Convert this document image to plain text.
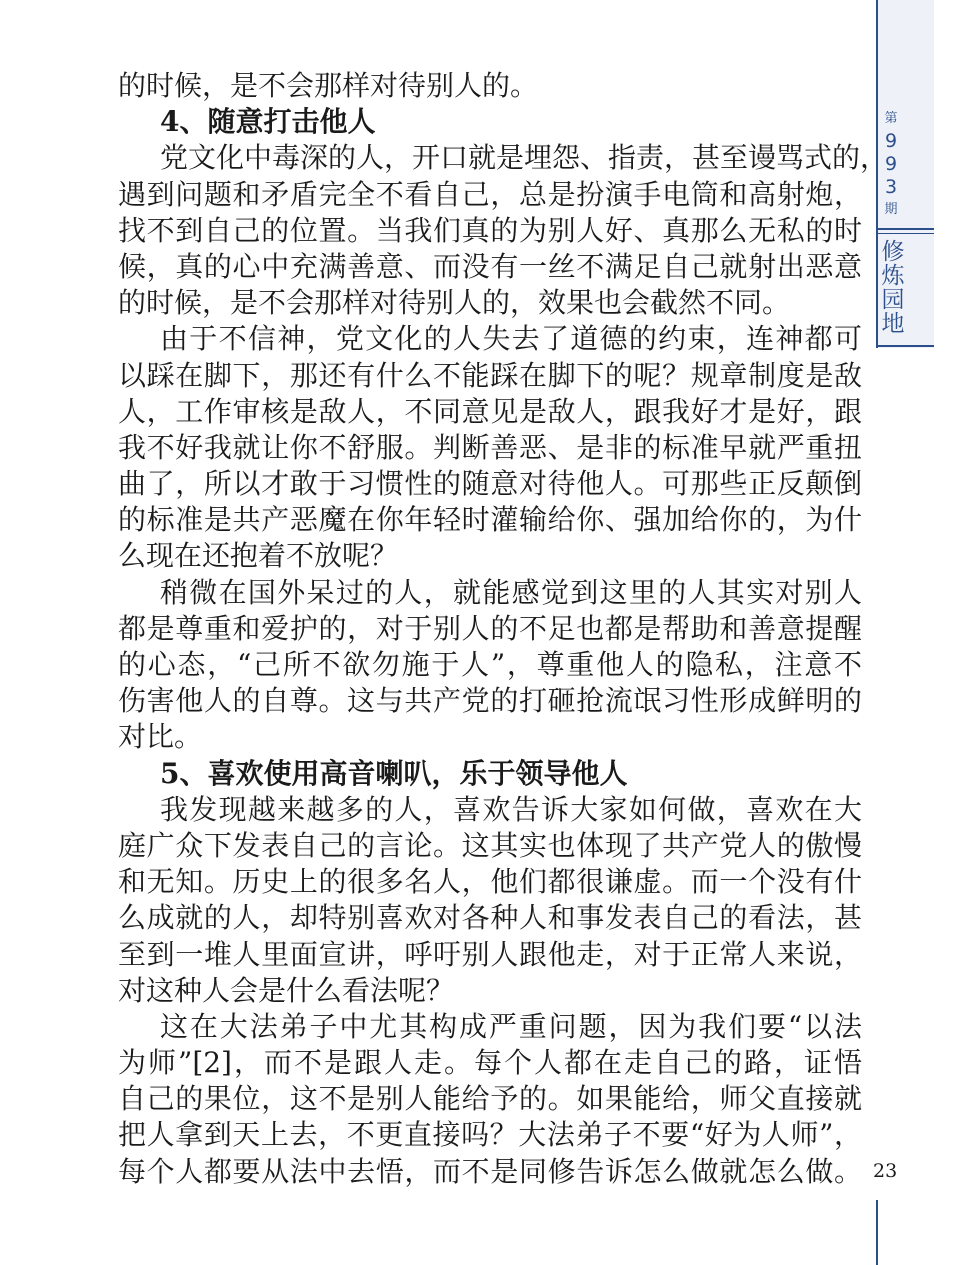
第
9
9
3
期
修
炼
园
地
的时候，是不会那样对待别人的。
4、随意打击他人
党文化中毒深的人，开口就是埋怨、指责，甚至谩骂式的，
遇到问题和矛盾完全不看自己，总是扮演手电筒和高射炮，
找不到自己的位置。当我们真的为别人好、真那么无私的时
候，真的心中充满善意、而没有一丝不满足自己就射出恶意
的时候，是不会那样对待别人的，效果也会截然不同。
由于不信神，党文化的人失去了道德的约束，连神都可
以踩在脚下，那还有什么不能踩在脚下的呢？规章制度是敌
人，工作审核是敌人，不同意见是敌人，跟我好才是好，跟
我不好我就让你不舒服。判断善恶、是非的标准早就严重扭
曲了，所以才敢于习惯性的随意对待他人。可那些正反颠倒
的标准是共产恶魔在你年轻时灌输给你、强加给你的，为什
么现在还抱着不放呢？
稍微在国外呆过的人，就能感觉到这里的人其实对别人
都是尊重和爱护的，对于别人的不足也都是帮助和善意提醒
的心态，“己所不欲勿施于人”，尊重他人的隐私，注意不
伤害他人的自尊。这与共产党的打砸抢流氓习性形成鲜明的
对比。
5、喜欢使用高音喇叭，乐于领导他人
我发现越来越多的人，喜欢告诉大家如何做，喜欢在大
庭广众下发表自己的言论。这其实也体现了共产党人的傲慢
和无知。历史上的很多名人，他们都很谦虚。而一个没有什
么成就的人，却特别喜欢对各种人和事发表自己的看法，甚
至到一堆人里面宣讲，呼吁别人跟他走，对于正常人来说，
对这种人会是什么看法呢？
这在大法弟子中尤其构成严重问题，因为我们要“以法
为师”[2]，而不是跟人走。每个人都在走自己的路，证悟
自己的果位，这不是别人能给予的。如果能给，师父直接就
把人拿到天上去，不更直接吗？大法弟子不要“好为人师”，
每个人都要从法中去悟，而不是同修告诉怎么做就怎么做。 23
